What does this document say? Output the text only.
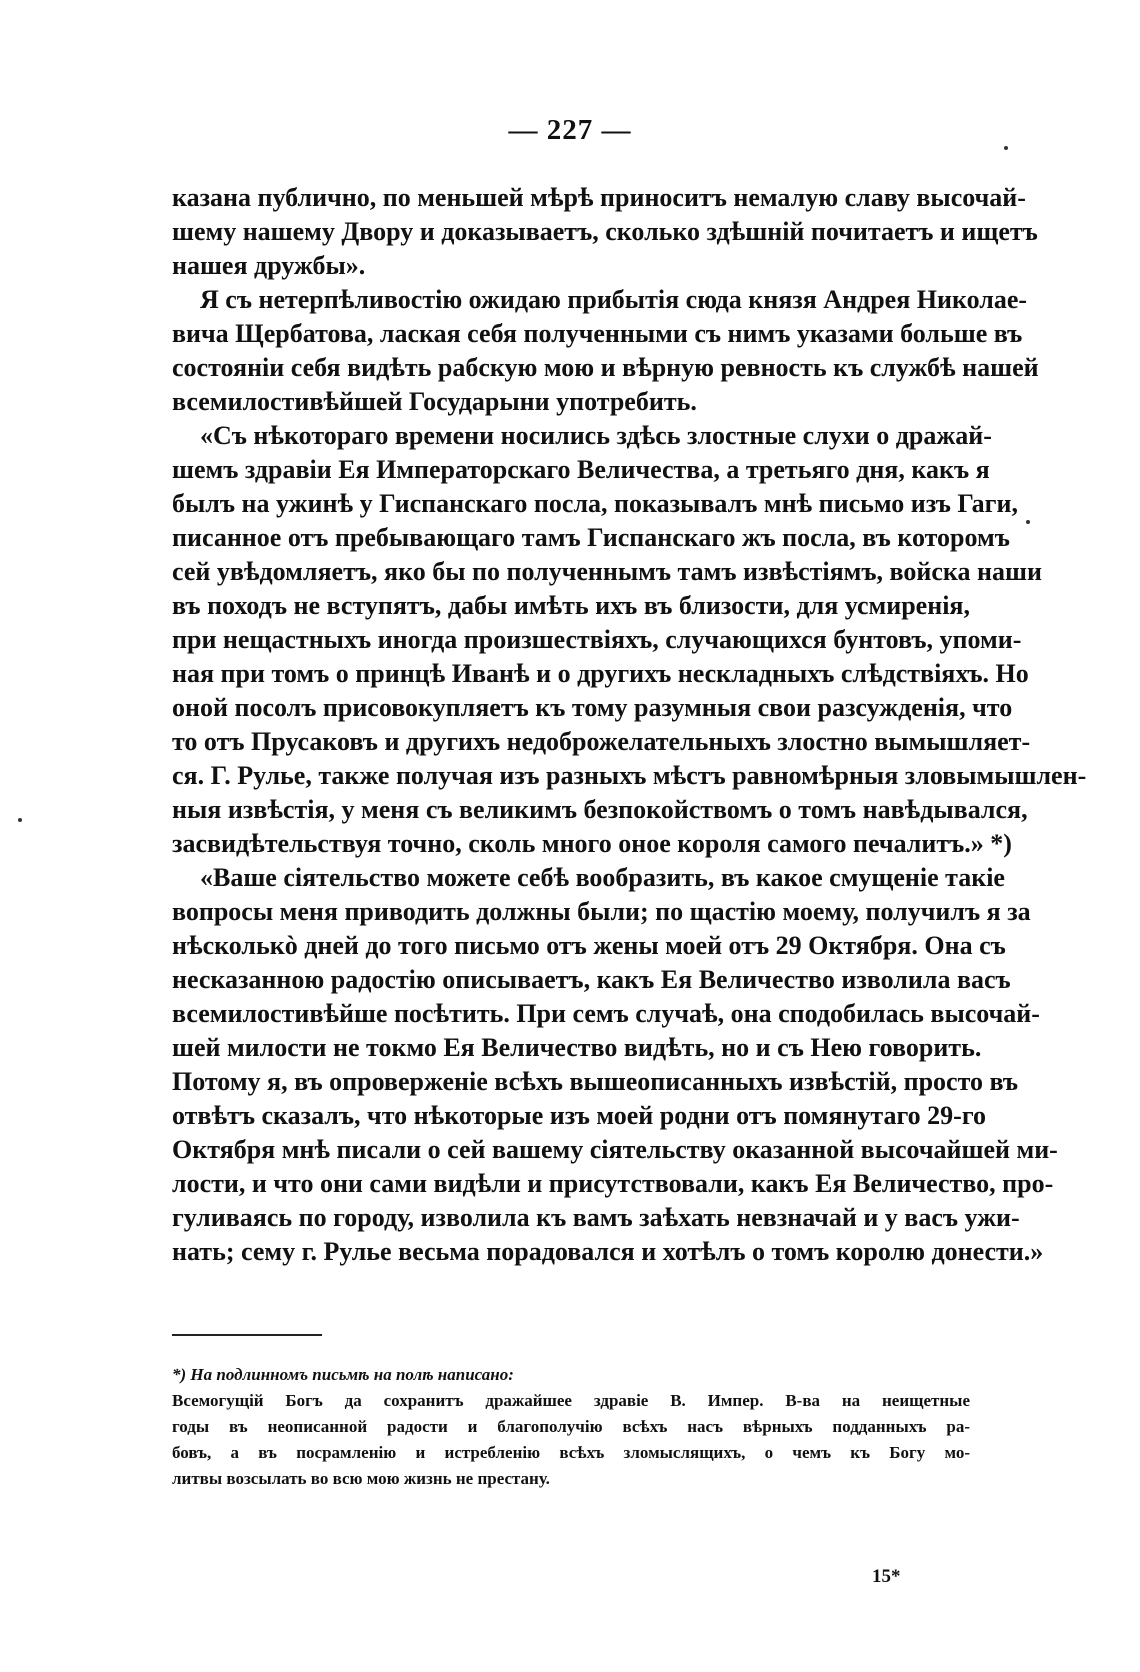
— 227 —
казана публично, по меньшей мѣрѣ приноситъ немалую славу высочай-
шему нашему Двору и доказываетъ, сколько здѣшній почитаетъ и ищетъ
нашея дружбы».
Я съ нетерпѣливостію ожидаю прибытія сюда князя Андрея Николае-
вича Щербатова, лаская себя полученными съ нимъ указами больше въ
состояніи себя видѣть рабскую мою и вѣрную ревность къ службѣ нашей
всемилостивѣйшей Государыни употребить.
«Съ нѣкотораго времени носились здѣсь злостные слухи о дражай-
шемъ здравіи Ея Императорскаго Величества, а третьяго дня, какъ я
былъ на ужинѣ у Гиспанскаго посла, показывалъ мнѣ письмо изъ Гаги,
писанное отъ пребывающаго тамъ Гиспанскаго жъ посла, въ которомъ
сей увѣдомляетъ, яко бы по полученнымъ тамъ извѣстіямъ, войска наши
въ походъ не вступятъ, дабы имѣть ихъ въ близости, для усмиренія,
при нещастныхъ иногда произшествіяхъ, случающихся бунтовъ, упоми-
ная при томъ о принцѣ Иванѣ и о другихъ нескладныхъ слѣдствіяхъ. Но
оной посолъ присовокупляетъ къ тому разумныя свои разсужденія, что
то отъ Прусаковъ и другихъ недоброжелательныхъ злостно вымышляет-
ся. Г. Рулье, также получая изъ разныхъ мѣстъ равномѣрныя зловымышлен-
ныя извѣстія, у меня съ великимъ безпокойствомъ о томъ навѣдывался,
засвидѣтельствуя точно, сколь много оное короля самого печалитъ.» *)
«Ваше сіятельство можете себѣ вообразить, въ какое смущеніе такіе
вопросы меня приводить должны были; по щастію моему, получилъ я за
нѣсколькò дней до того письмо отъ жены моей отъ 29 Октября. Она съ
несказанною радостію описываетъ, какъ Ея Величество изволила васъ
всемилостивѣйше посѣтить. При семъ случаѣ, она сподобилась высочай-
шей милости не токмо Ея Величество видѣть, но и съ Нею говорить.
Потому я, въ опроверженіе всѣхъ вышеописанныхъ извѣстій, просто въ
отвѣтъ сказалъ, что нѣкоторые изъ моей родни отъ помянутаго 29-го
Октября мнѣ писали о сей вашему сіятельству оказанной высочайшей ми-
лости, и что они сами видѣли и присутствовали, какъ Ея Величество, про-
гуливаясь по городу, изволила къ вамъ заѣхать невзначай и у васъ ужи-
нать; сему г. Рулье весьма порадовался и хотѣлъ о томъ королю донести.»
*) На подлинномъ письмѣ на полѣ написано:
Всемогущій Богъ да сохранитъ дражайшее здравіе В. Импер. В-ва на неищетные
годы въ неописанной радости и благополучію всѣхъ насъ вѣрныхъ подданныхъ ра-
бовъ, а въ посрамленію и истребленію всѣхъ зломыслящихъ, о чемъ къ Богу мо-
литвы возсылать во всю мою жизнь не престану.
15*
